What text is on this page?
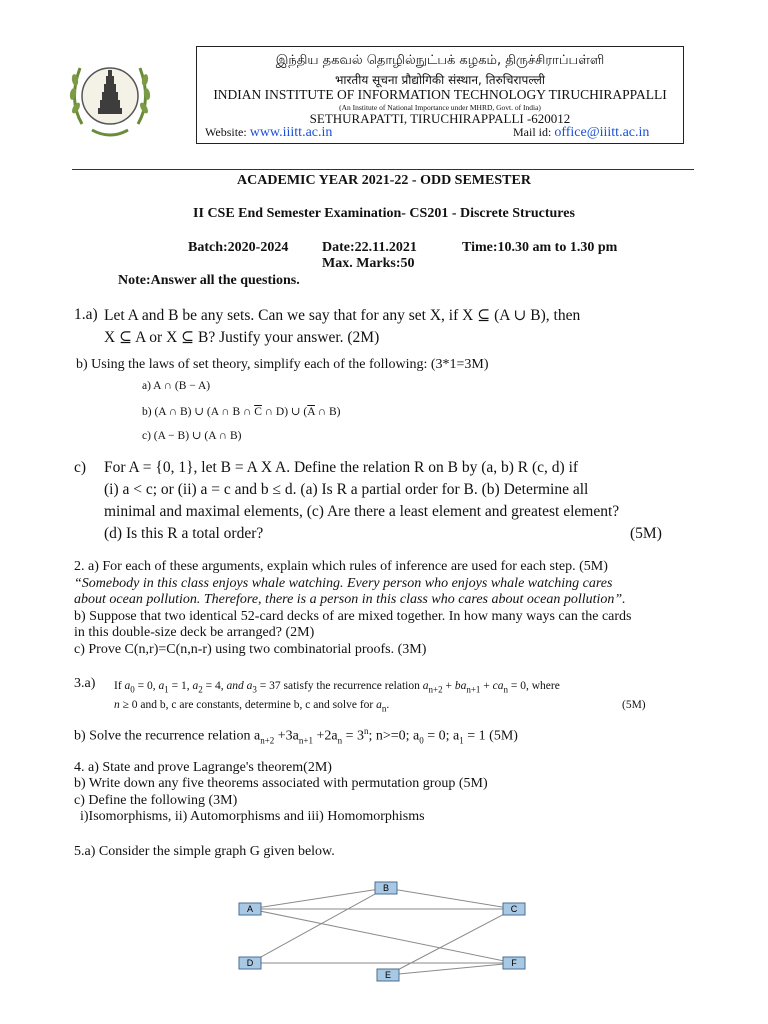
இந்திய தகவல் தொழில்நுட்பக் கழகம், திருச்சிராப்பள்ளி
भारतीय सूचना प्रौद्योगिकी संस्थान, तिरुचिरापल्ली
INDIAN INSTITUTE OF INFORMATION TECHNOLOGY TIRUCHIRAPPALLI
(An Institute of National Importance under MHRD, Govt. of India)
SETHURAPATTI, TIRUCHIRAPPALLI -620012
Website: www.iiitt.ac.in	Mail id: office@iiitt.ac.in
ACADEMIC YEAR 2021-22 - ODD SEMESTER
II CSE End Semester Examination- CS201 - Discrete Structures
Batch:2020-2024 Date:22.11.2021	Time:10.30 am to 1.30 pm
Max. Marks:50
Note:Answer all the questions.
1.a) Let A and B be any sets. Can we say that for any set X, if X ⊆ (A ∪ B), then
X ⊆ A or X ⊆ B? Justify your answer. (2M)
b) Using the laws of set theory, simplify each of the following: (3*1=3M)
a) A ∩ (B − A)
b) (A ∩ B) ∪ (A ∩ B ∩ $\overline{C}$ ∩ D) ∪ ($\overline{A}$ ∩ B)
c) (A − B) ∪ (A ∩ B)
c) For A = {0, 1}, let B = A X A. Define the relation R on B by (a, b) R (c, d) if
(i) a < c; or (ii) a = c and b ≤ d. (a) Is R a partial order for B. (b) Determine all
minimal and maximal elements, (c) Are there a least element and greatest element?
(d) Is this R a total order?	(5M)
2. a) For each of these arguments, explain which rules of inference are used for each step. (5M)
“Somebody in this class enjoys whale watching. Every person who enjoys whale watching cares
about ocean pollution. Therefore, there is a person in this class who cares about ocean pollution”.
b) Suppose that two identical 52-card decks of are mixed together. In how many ways can the cards
in this double-size deck be arranged? (2M)
c) Prove C(n,r)=C(n,n-r) using two combinatorial proofs. (3M)
3.a) If $a_0 = 0$, $a_1 = 1$, $a_2 = 4$, and $a_3 = 37$ satisfy the recurrence relation $a_{n+2} + ba_{n+1} + ca_n = 0$, where
n ≥ 0 and b, c are constants, determine b, c and solve for $a_n$.	(5M)
b) Solve the recurrence relation $a_{n+2} +3a_{n+1} +2a_n = 3^n$; n>=0; $a_0 = 0$; $a_1 = 1$ (5M)
4. a) State and prove Lagrange's theorem(2M)
b) Write down any five theorems associated with permutation group (5M)
c) Define the following (3M)
i)Isomorphisms, ii) Automorphisms and iii) Homomorphisms
5.a) Consider the simple graph G given below.
A
B
C
D
E
F
